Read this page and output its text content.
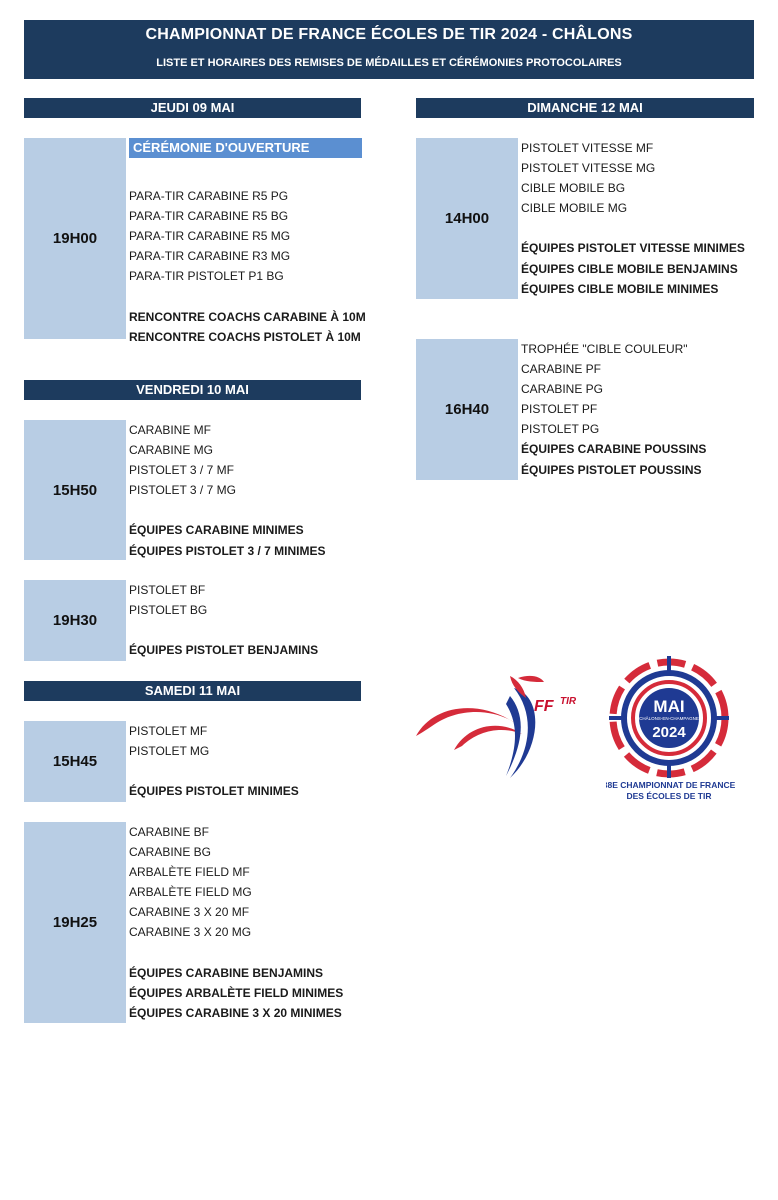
CHAMPIONNAT DE FRANCE ÉCOLES DE TIR 2024 - CHÂLONS
LISTE ET HORAIRES DES REMISES DE MÉDAILLES ET CÉRÉMONIES PROTOCOLAIRES
JEUDI 09 MAI
19H00
CÉRÉMONIE D'OUVERTURE
PARA-TIR CARABINE R5 PG
PARA-TIR CARABINE R5 BG
PARA-TIR CARABINE R5 MG
PARA-TIR CARABINE R3 MG
PARA-TIR PISTOLET P1 BG
RENCONTRE COACHS CARABINE À 10M
RENCONTRE COACHS PISTOLET À 10M
VENDREDI 10 MAI
15H50
CARABINE MF
CARABINE MG
PISTOLET 3 / 7 MF
PISTOLET 3 / 7 MG
ÉQUIPES CARABINE MINIMES
ÉQUIPES PISTOLET 3 / 7 MINIMES
19H30
PISTOLET BF
PISTOLET BG
ÉQUIPES PISTOLET BENJAMINS
SAMEDI 11 MAI
15H45
PISTOLET MF
PISTOLET MG
ÉQUIPES PISTOLET MINIMES
19H25
CARABINE BF
CARABINE BG
ARBALÈTE FIELD MF
ARBALÈTE FIELD MG
CARABINE 3 X 20 MF
CARABINE 3 X 20 MG
ÉQUIPES CARABINE BENJAMINS
ÉQUIPES ARBALÈTE FIELD MINIMES
ÉQUIPES CARABINE 3 X 20 MINIMES
DIMANCHE 12 MAI
14H00
PISTOLET VITESSE MF
PISTOLET VITESSE MG
CIBLE MOBILE BG
CIBLE MOBILE MG
ÉQUIPES PISTOLET VITESSE MINIMES
ÉQUIPES CIBLE MOBILE BENJAMINS
ÉQUIPES CIBLE MOBILE MINIMES
16H40
TROPHÉE "CIBLE COULEUR"
CARABINE PF
CARABINE PG
PISTOLET PF
PISTOLET PG
ÉQUIPES CARABINE POUSSINS
ÉQUIPES PISTOLET POUSSINS
FF TIR	MAI
CHÂLONS-EN-CHAMPAGNE
2024
38E CHAMPIONNAT DE FRANCE
DES ÉCOLES DE TIR
